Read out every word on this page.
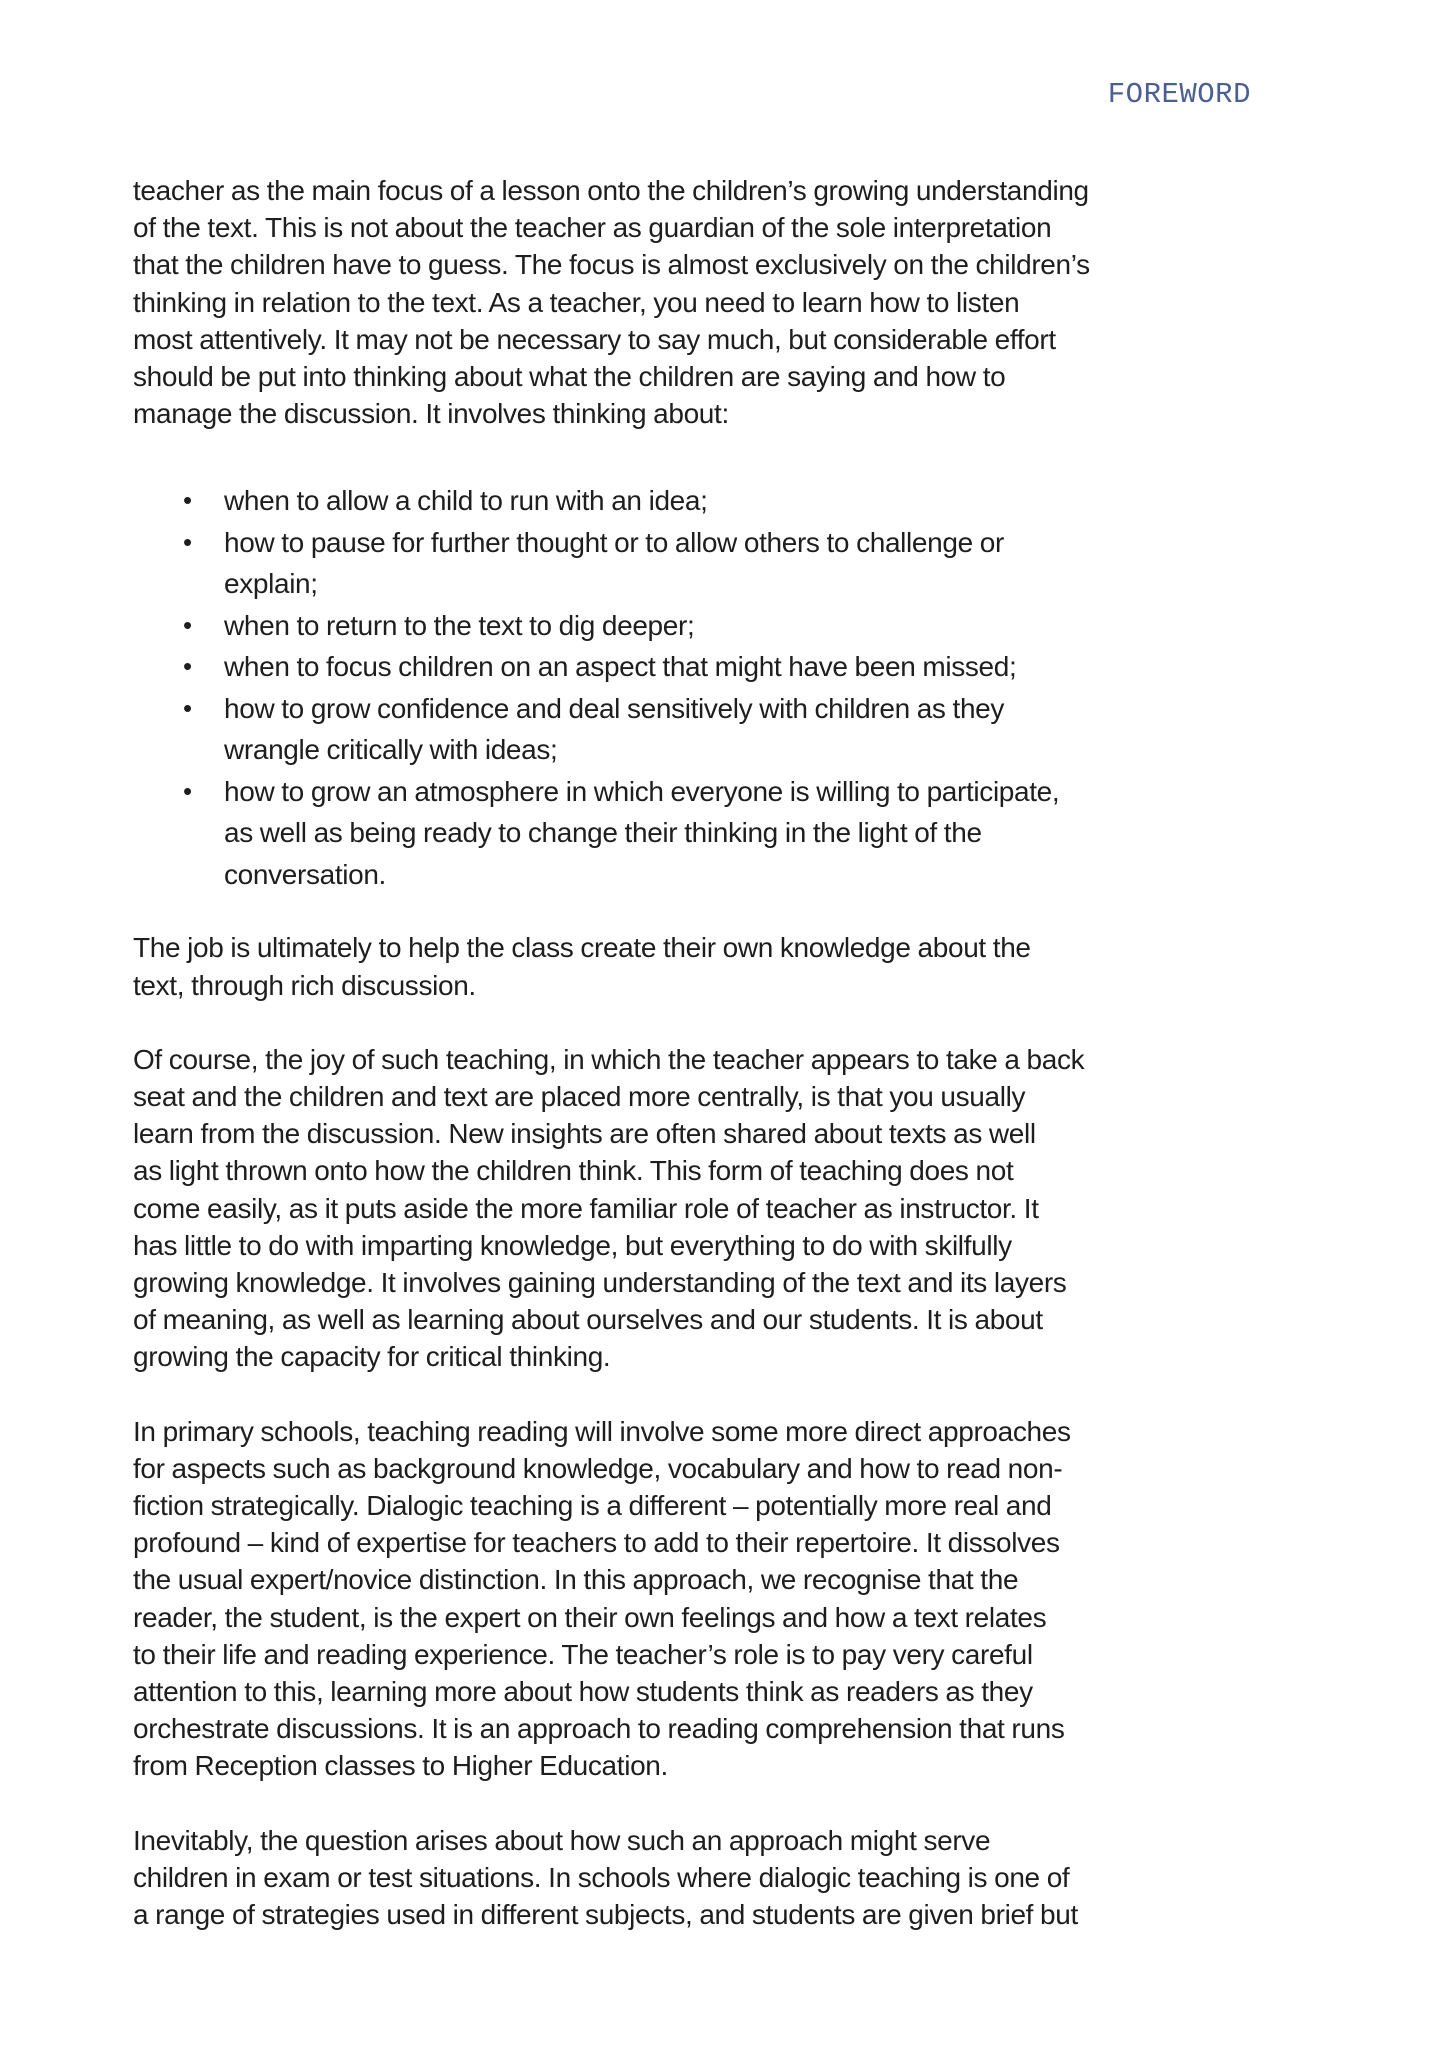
FOREWORD

teacher as the main focus of a lesson onto the children’s growing understanding
of the text. This is not about the teacher as guardian of the sole interpretation
that the children have to guess. The focus is almost exclusively on the children’s
thinking in relation to the text. As a teacher, you need to learn how to listen
most attentively. It may not be necessary to say much, but considerable effort
should be put into thinking about what the children are saying and how to
manage the discussion. It involves thinking about:

• when to allow a child to run with an idea;
• how to pause for further thought or to allow others to challenge or
explain;
• when to return to the text to dig deeper;
• when to focus children on an aspect that might have been missed;
• how to grow confidence and deal sensitively with children as they
wrangle critically with ideas;
• how to grow an atmosphere in which everyone is willing to participate,
as well as being ready to change their thinking in the light of the
conversation.

The job is ultimately to help the class create their own knowledge about the
text, through rich discussion.

Of course, the joy of such teaching, in which the teacher appears to take a back
seat and the children and text are placed more centrally, is that you usually
learn from the discussion. New insights are often shared about texts as well
as light thrown onto how the children think. This form of teaching does not
come easily, as it puts aside the more familiar role of teacher as instructor. It
has little to do with imparting knowledge, but everything to do with skilfully
growing knowledge. It involves gaining understanding of the text and its layers
of meaning, as well as learning about ourselves and our students. It is about
growing the capacity for critical thinking.

In primary schools, teaching reading will involve some more direct approaches
for aspects such as background knowledge, vocabulary and how to read non-
fiction strategically. Dialogic teaching is a different – potentially more real and
profound – kind of expertise for teachers to add to their repertoire. It dissolves
the usual expert/novice distinction. In this approach, we recognise that the
reader, the student, is the expert on their own feelings and how a text relates
to their life and reading experience. The teacher’s role is to pay very careful
attention to this, learning more about how students think as readers as they
orchestrate discussions. It is an approach to reading comprehension that runs
from Reception classes to Higher Education.

Inevitably, the question arises about how such an approach might serve
children in exam or test situations. In schools where dialogic teaching is one of
a range of strategies used in different subjects, and students are given brief but
